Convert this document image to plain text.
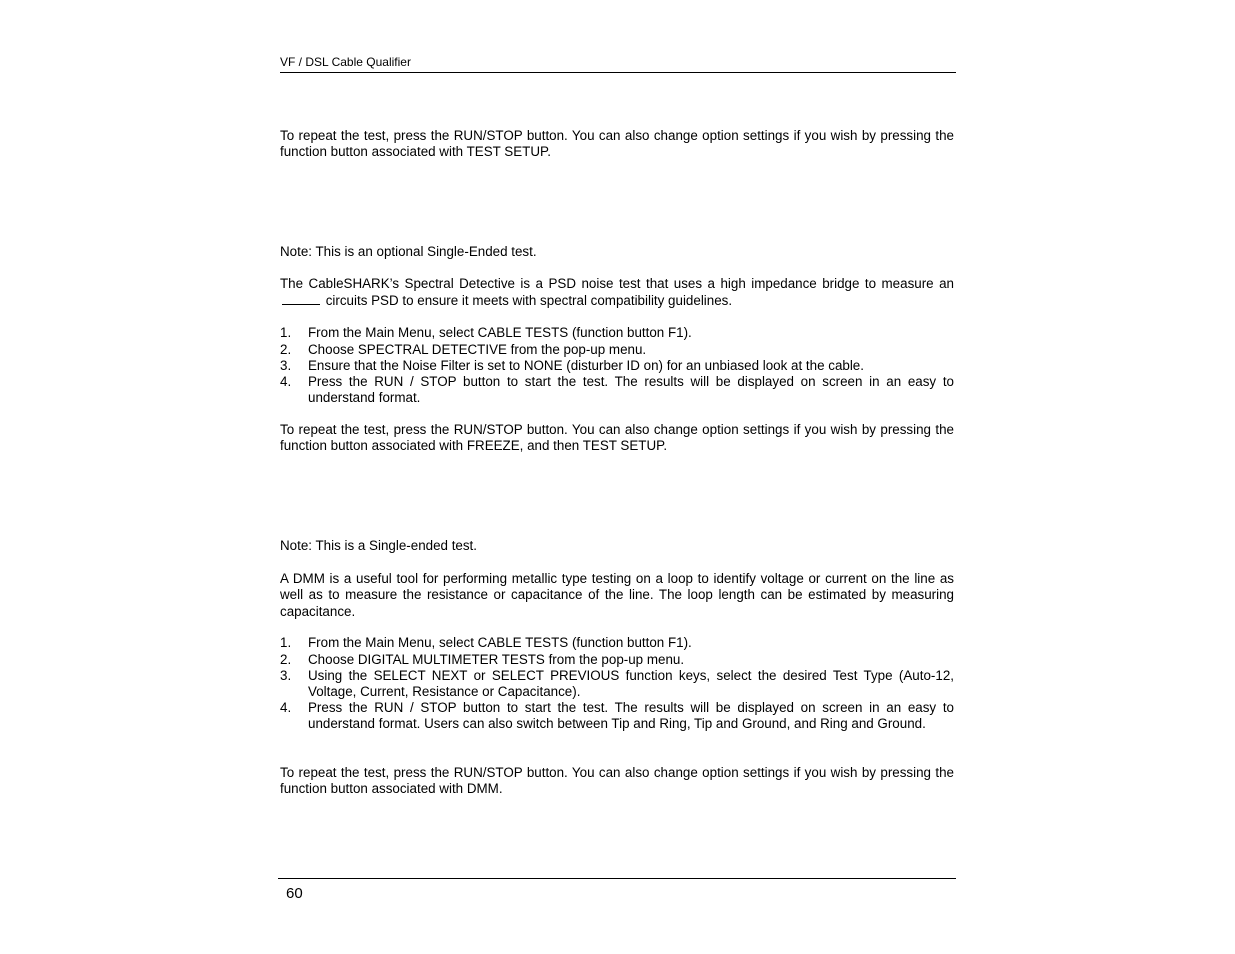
VF / DSL Cable Qualifier
To repeat the test, press the RUN/STOP button. You can also change option settings if you wish by pressing the function button associated with TEST SETUP.
Note: This is an optional Single-Ended test.
The CableSHARK’s Spectral Detective is a PSD noise test that uses a high impedance bridge to measure an  circuits PSD to ensure it meets with spectral compatibility guidelines.
1.	From the Main Menu, select CABLE TESTS (function button F1).
2.	Choose SPECTRAL DETECTIVE from the pop-up menu.
3.	Ensure that the Noise Filter is set to NONE (disturber ID on) for an unbiased look at the cable.
4.	Press the RUN / STOP button to start the test. The results will be displayed on screen in an easy to understand format.
To repeat the test, press the RUN/STOP button. You can also change option settings if you wish by pressing the function button associated with FREEZE, and then TEST SETUP.
Note: This is a Single-ended test.
A DMM is a useful tool for performing metallic type testing on a loop to identify voltage or current on the line as well as to measure the resistance or capacitance of the line. The loop length can be estimated by measuring capacitance.
1.	From the Main Menu, select CABLE TESTS (function button F1).
2.	Choose DIGITAL MULTIMETER TESTS from the pop-up menu.
3.	Using the SELECT NEXT or SELECT PREVIOUS function keys, select the desired Test Type (Auto-12, Voltage, Current, Resistance or Capacitance).
4.	Press the RUN / STOP button to start the test. The results will be displayed on screen in an easy to understand format. Users can also switch between Tip and Ring, Tip and Ground, and Ring and Ground.
To repeat the test, press the RUN/STOP button. You can also change option settings if you wish by pressing the function button associated with DMM.
60
